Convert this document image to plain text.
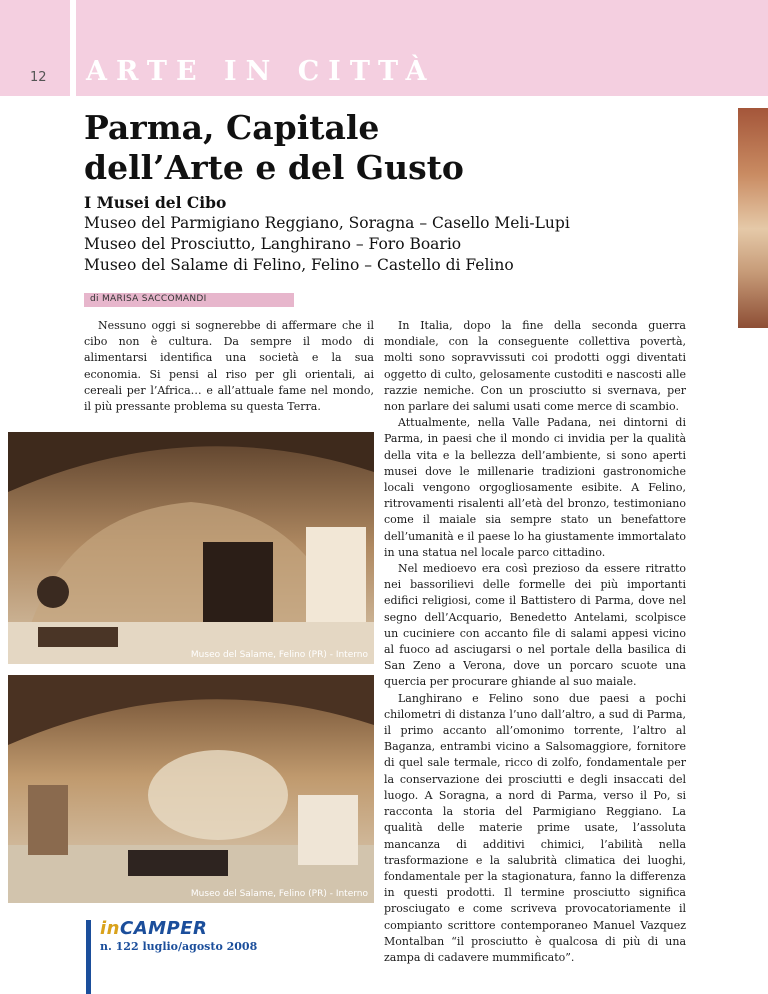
12 ARTE IN CITTÀ
Parma, Capitale
dell’Arte e del Gusto
I Musei del Cibo
Museo del Parmigiano Reggiano, Soragna – Casello Meli-Lupi
Museo del Prosciutto, Langhirano – Foro Boario
Museo del Salame di Felino, Felino – Castello di Felino
di MARISA SACCOMANDI

Nessuno oggi si sognerebbe di affermare che il cibo non è cultura. Da sempre il modo di alimentarsi identifica una società e la sua economia. Si pensi al riso per gli orientali, ai cereali per l’Africa… e all’attuale fame nel mondo, il più pressante problema su questa Terra.

Museo del Salame, Felino (PR) - Interno
Museo del Salame, Felino (PR) - Interno

In Italia, dopo la fine della seconda guerra mondiale, con la conseguente collettiva povertà, molti sono sopravvissuti coi prodotti oggi diventati oggetto di culto, gelosamente custoditi e nascosti alle razzie nemiche. Con un prosciutto si svernava, per non parlare dei salumi usati come merce di scambio.

Attualmente, nella Valle Padana, nei dintorni di Parma, in paesi che il mondo ci invidia per la qualità della vita e la bellezza dell’ambiente, si sono aperti musei dove le millenarie tradizioni gastronomiche locali vengono orgogliosamente esibite. A Felino, ritrovamenti risalenti all’età del bronzo, testimoniano come il maiale sia sempre stato un benefattore dell’umanità e il paese lo ha giustamente immortalato in una statua nel locale parco cittadino.

Nel medioevo era così prezioso da essere ritratto nei bassorilievi delle formelle dei più importanti edifici religiosi, come il Battistero di Parma, dove nel segno dell’Acquario, Benedetto Antelami, scolpisce un cuciniere con accanto file di salami appesi vicino al fuoco ad asciugarsi o nel portale della basilica di San Zeno a Verona, dove un porcaro scuote una quercia per procurare ghiande al suo maiale.

Langhirano e Felino sono due paesi a pochi chilometri di distanza l’uno dall’altro, a sud di Parma, il primo accanto all’omonimo torrente, l’altro al Baganza, entrambi vicino a Salsomaggiore, fornitore di quel sale termale, ricco di zolfo, fondamentale per la conservazione dei prosciutti e degli insaccati del luogo. A Soragna, a nord di Parma, verso il Po, si racconta la storia del Parmigiano Reggiano. La qualità delle materie prime usate, l’assoluta mancanza di additivi chimici, l’abilità nella trasformazione e la salubrità climatica dei luoghi, fondamentale per la stagionatura, fanno la differenza in questi prodotti. Il termine prosciutto significa prosciugato e come scriveva provocatoriamente il compianto scrittore contemporaneo Manuel Vazquez Montalban “il prosciutto è qualcosa di più di una zampa di cadavere mummificato”.

inCAMPER
n. 122 luglio/agosto 2008
